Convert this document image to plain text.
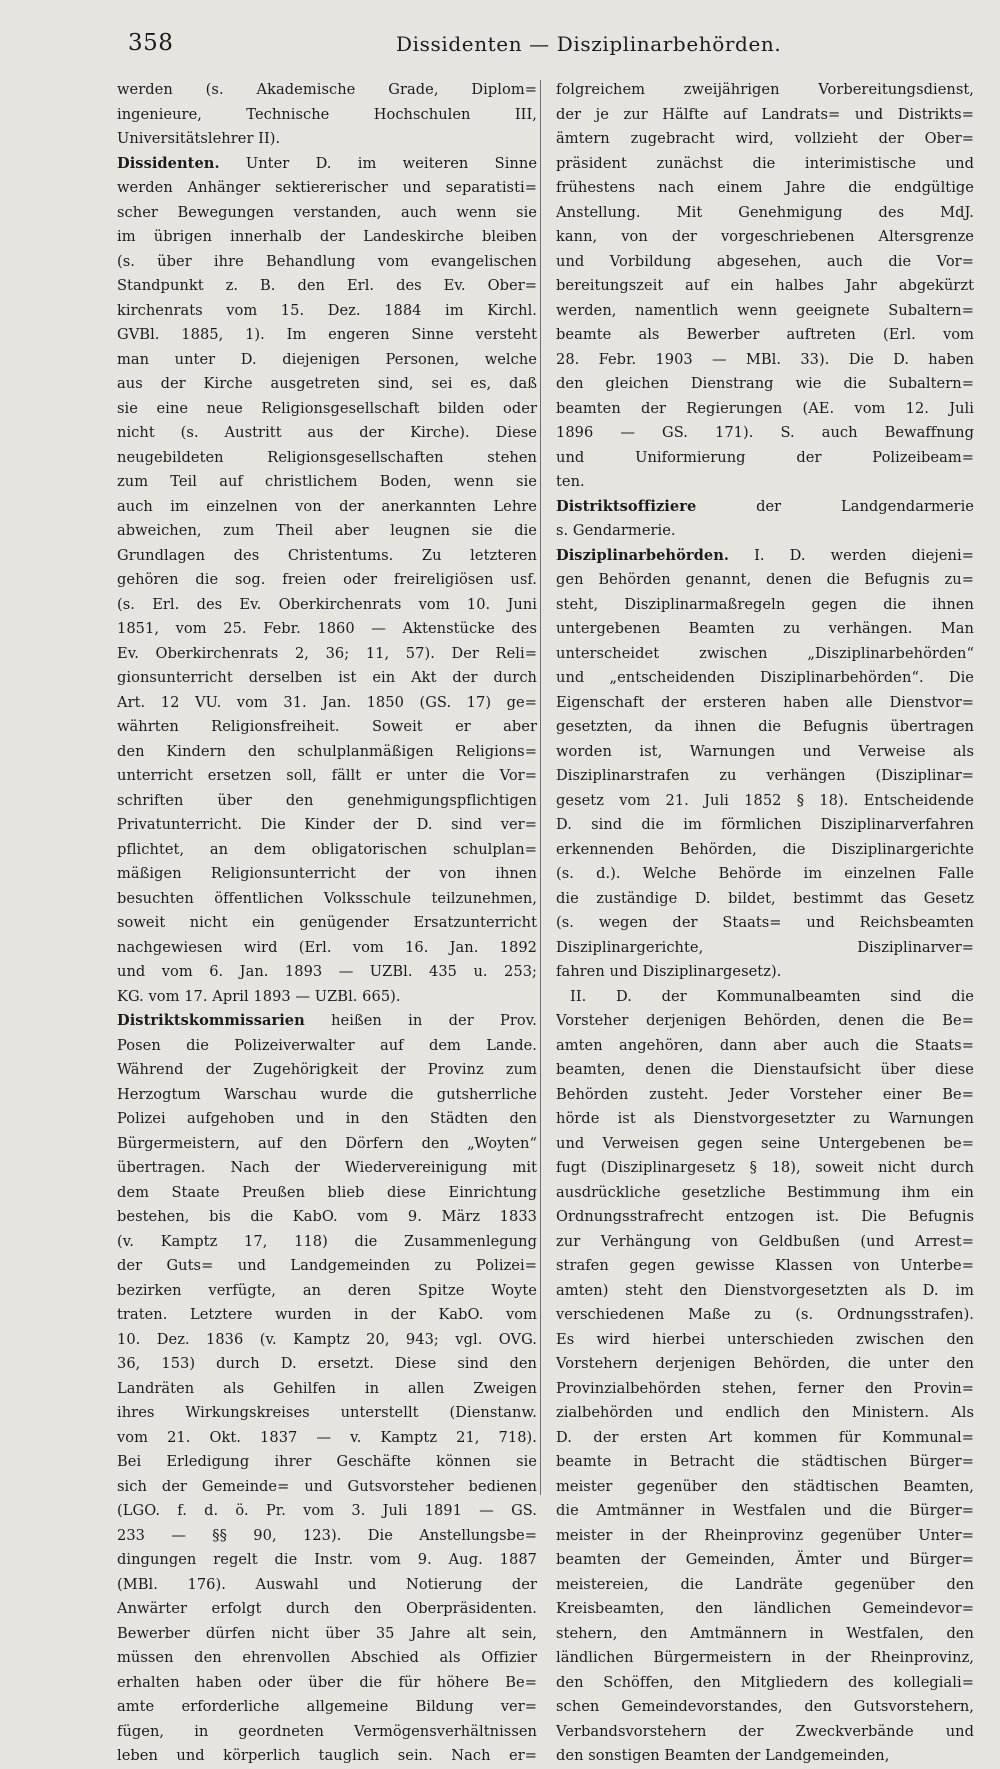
358	Dissidenten — Disziplinarbehörden.
werden (s. Akademische Grade, Diplom=
ingenieure, Technische Hochschulen III,
Universitätslehrer II).
Dissidenten. Unter D. im weiteren Sinne
werden Anhänger sektiererischer und separatisti=
scher Bewegungen verstanden, auch wenn sie
im übrigen innerhalb der Landeskirche bleiben
(s. über ihre Behandlung vom evangelischen
Standpunkt z. B. den Erl. des Ev. Ober=
kirchenrats vom 15. Dez. 1884 im Kirchl.
GVBl. 1885, 1). Im engeren Sinne versteht
man unter D. diejenigen Personen, welche
aus der Kirche ausgetreten sind, sei es, daß
sie eine neue Religionsgesellschaft bilden oder
nicht (s. Austritt aus der Kirche). Diese
neugebildeten Religionsgesellschaften stehen
zum Teil auf christlichem Boden, wenn sie
auch im einzelnen von der anerkannten Lehre
abweichen, zum Theil aber leugnen sie die
Grundlagen des Christentums. Zu letzteren
gehören die sog. freien oder freireligiösen usf.
(s. Erl. des Ev. Oberkirchenrats vom 10. Juni
1851, vom 25. Febr. 1860 — Aktenstücke des
Ev. Oberkirchenrats 2, 36; 11, 57). Der Reli=
gionsunterricht derselben ist ein Akt der durch
Art. 12 VU. vom 31. Jan. 1850 (GS. 17) ge=
währten Religionsfreiheit. Soweit er aber
den Kindern den schulplanmäßigen Religions=
unterricht ersetzen soll, fällt er unter die Vor=
schriften über den genehmigungspflichtigen
Privatunterricht. Die Kinder der D. sind ver=
pflichtet, an dem obligatorischen schulplan=
mäßigen Religionsunterricht der von ihnen
besuchten öffentlichen Volksschule teilzunehmen,
soweit nicht ein genügender Ersatzunterricht
nachgewiesen wird (Erl. vom 16. Jan. 1892
und vom 6. Jan. 1893 — UZBl. 435 u. 253;
KG. vom 17. April 1893 — UZBl. 665).
Distriktskommissarien heißen in der Prov.
Posen die Polizeiverwalter auf dem Lande.
Während der Zugehörigkeit der Provinz zum
Herzogtum Warschau wurde die gutsherrliche
Polizei aufgehoben und in den Städten den
Bürgermeistern, auf den Dörfern den „Woyten“
übertragen. Nach der Wiedervereinigung mit
dem Staate Preußen blieb diese Einrichtung
bestehen, bis die KabO. vom 9. März 1833
(v. Kamptz 17, 118) die Zusammenlegung
der Guts= und Landgemeinden zu Polizei=
bezirken verfügte, an deren Spitze Woyte
traten. Letztere wurden in der KabO. vom
10. Dez. 1836 (v. Kamptz 20, 943; vgl. OVG.
36, 153) durch D. ersetzt. Diese sind den
Landräten als Gehilfen in allen Zweigen
ihres Wirkungskreises unterstellt (Dienstanw.
vom 21. Okt. 1837 — v. Kamptz 21, 718).
Bei Erledigung ihrer Geschäfte können sie
sich der Gemeinde= und Gutsvorsteher bedienen
(LGO. f. d. ö. Pr. vom 3. Juli 1891 — GS.
233 — §§ 90, 123). Die Anstellungsbe=
dingungen regelt die Instr. vom 9. Aug. 1887
(MBl. 176). Auswahl und Notierung der
Anwärter erfolgt durch den Oberpräsidenten.
Bewerber dürfen nicht über 35 Jahre alt sein,
müssen den ehrenvollen Abschied als Offizier
erhalten haben oder über die für höhere Be=
amte erforderliche allgemeine Bildung ver=
fügen, in geordneten Vermögensverhältnissen
leben und körperlich tauglich sein. Nach er=
folgreichem zweijährigen Vorbereitungsdienst,
der je zur Hälfte auf Landrats= und Distrikts=
ämtern zugebracht wird, vollzieht der Ober=
präsident zunächst die interimistische und
frühestens nach einem Jahre die endgültige
Anstellung. Mit Genehmigung des MdJ.
kann, von der vorgeschriebenen Altersgrenze
und Vorbildung abgesehen, auch die Vor=
bereitungszeit auf ein halbes Jahr abgekürzt
werden, namentlich wenn geeignete Subaltern=
beamte als Bewerber auftreten (Erl. vom
28. Febr. 1903 — MBl. 33). Die D. haben
den gleichen Dienstrang wie die Subaltern=
beamten der Regierungen (AE. vom 12. Juli
1896 — GS. 171). S. auch Bewaffnung
und Uniformierung der Polizeibeam=
ten.
Distriktsoffiziere der Landgendarmerie
s. Gendarmerie.
Disziplinarbehörden. I. D. werden diejeni=
gen Behörden genannt, denen die Befugnis zu=
steht, Disziplinarmaßregeln gegen die ihnen
untergebenen Beamten zu verhängen. Man
unterscheidet zwischen „Disziplinarbehörden“
und „entscheidenden Disziplinarbehörden“. Die
Eigenschaft der ersteren haben alle Dienstvor=
gesetzten, da ihnen die Befugnis übertragen
worden ist, Warnungen und Verweise als
Disziplinarstrafen zu verhängen (Disziplinar=
gesetz vom 21. Juli 1852 § 18). Entscheidende
D. sind die im förmlichen Disziplinarverfahren
erkennenden Behörden, die Disziplinargerichte
(s. d.). Welche Behörde im einzelnen Falle
die zuständige D. bildet, bestimmt das Gesetz
(s. wegen der Staats= und Reichsbeamten
Disziplinargerichte, Disziplinarver=
fahren und Disziplinargesetz).
II. D. der Kommunalbeamten sind die
Vorsteher derjenigen Behörden, denen die Be=
amten angehören, dann aber auch die Staats=
beamten, denen die Dienstaufsicht über diese
Behörden zusteht. Jeder Vorsteher einer Be=
hörde ist als Dienstvorgesetzter zu Warnungen
und Verweisen gegen seine Untergebenen be=
fugt (Disziplinargesetz § 18), soweit nicht durch
ausdrückliche gesetzliche Bestimmung ihm ein
Ordnungsstrafrecht entzogen ist. Die Befugnis
zur Verhängung von Geldbußen (und Arrest=
strafen gegen gewisse Klassen von Unterbe=
amten) steht den Dienstvorgesetzten als D. im
verschiedenen Maße zu (s. Ordnungsstrafen).
Es wird hierbei unterschieden zwischen den
Vorstehern derjenigen Behörden, die unter den
Provinzialbehörden stehen, ferner den Provin=
zialbehörden und endlich den Ministern. Als
D. der ersten Art kommen für Kommunal=
beamte in Betracht die städtischen Bürger=
meister gegenüber den städtischen Beamten,
die Amtmänner in Westfalen und die Bürger=
meister in der Rheinprovinz gegenüber Unter=
beamten der Gemeinden, Ämter und Bürger=
meistereien, die Landräte gegenüber den
Kreisbeamten, den ländlichen Gemeindevor=
stehern, den Amtmännern in Westfalen, den
ländlichen Bürgermeistern in der Rheinprovinz,
den Schöffen, den Mitgliedern des kollegiali=
schen Gemeindevorstandes, den Gutsvorstehern,
Verbandsvorstehern der Zweckverbände und
den sonstigen Beamten der Landgemeinden,
